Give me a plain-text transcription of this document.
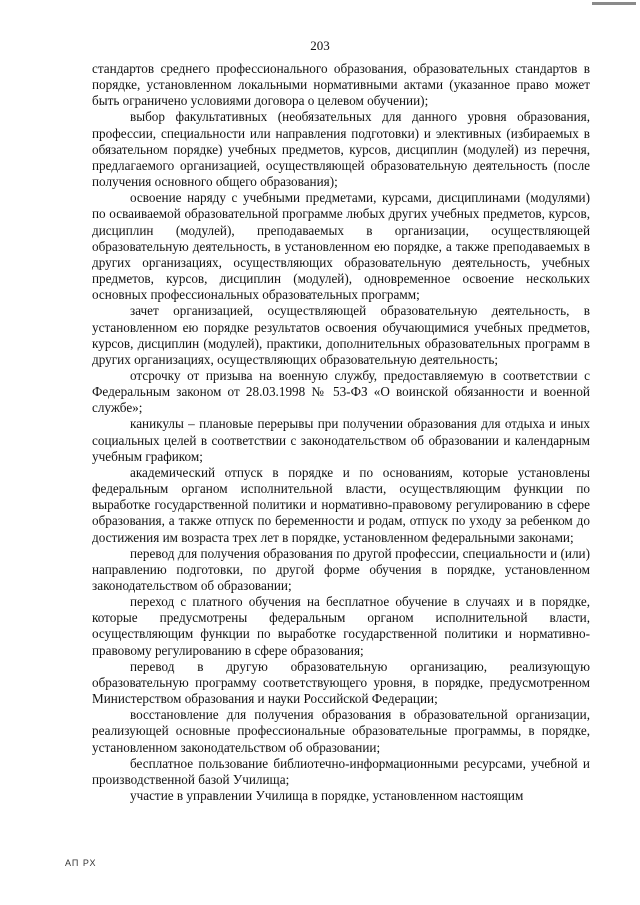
203

стандартов среднего профессионального образования, образовательных стандартов в порядке, установленном локальными нормативными актами (указанное право может быть ограничено условиями договора о целевом обучении);

выбор факультативных (необязательных для данного уровня образования, профессии, специальности или направления подготовки) и элективных (избираемых в обязательном порядке) учебных предметов, курсов, дисциплин (модулей) из перечня, предлагаемого организацией, осуществляющей образовательную деятельность (после получения основного общего образования);

освоение наряду с учебными предметами, курсами, дисциплинами (модулями) по осваиваемой образовательной программе любых других учебных предметов, курсов, дисциплин (модулей), преподаваемых в организации, осуществляющей образовательную деятельность, в установленном ею порядке, а также преподаваемых в других организациях, осуществляющих образовательную деятельность, учебных предметов, курсов, дисциплин (модулей), одновременное освоение нескольких основных профессиональных образовательных программ;

зачет организацией, осуществляющей образовательную деятельность, в установленном ею порядке результатов освоения обучающимися учебных предметов, курсов, дисциплин (модулей), практики, дополнительных образовательных программ в других организациях, осуществляющих образовательную деятельность;

отсрочку от призыва на военную службу, предоставляемую в соответствии с Федеральным законом от 28.03.1998 № 53-ФЗ «О воинской обязанности и военной службе»;

каникулы – плановые перерывы при получении образования для отдыха и иных социальных целей в соответствии с законодательством об образовании и календарным учебным графиком;

академический отпуск в порядке и по основаниям, которые установлены федеральным органом исполнительной власти, осуществляющим функции по выработке государственной политики и нормативно-правовому регулированию в сфере образования, а также отпуск по беременности и родам, отпуск по уходу за ребенком до достижения им возраста трех лет в порядке, установленном федеральными законами;

перевод для получения образования по другой профессии, специальности и (или) направлению подготовки, по другой форме обучения в порядке, установленном законодательством об образовании;

переход с платного обучения на бесплатное обучение в случаях и в порядке, которые предусмотрены федеральным органом исполнительной власти, осуществляющим функции по выработке государственной политики и нормативно-правовому регулированию в сфере образования;

перевод в другую образовательную организацию, реализующую образовательную программу соответствующего уровня, в порядке, предусмотренном Министерством образования и науки Российской Федерации;

восстановление для получения образования в образовательной организации, реализующей основные профессиональные образовательные программы, в порядке, установленном законодательством об образовании;

бесплатное пользование библиотечно-информационными ресурсами, учебной и производственной базой Училища;

участие в управлении Училища в порядке, установленном настоящим

АП РХ
